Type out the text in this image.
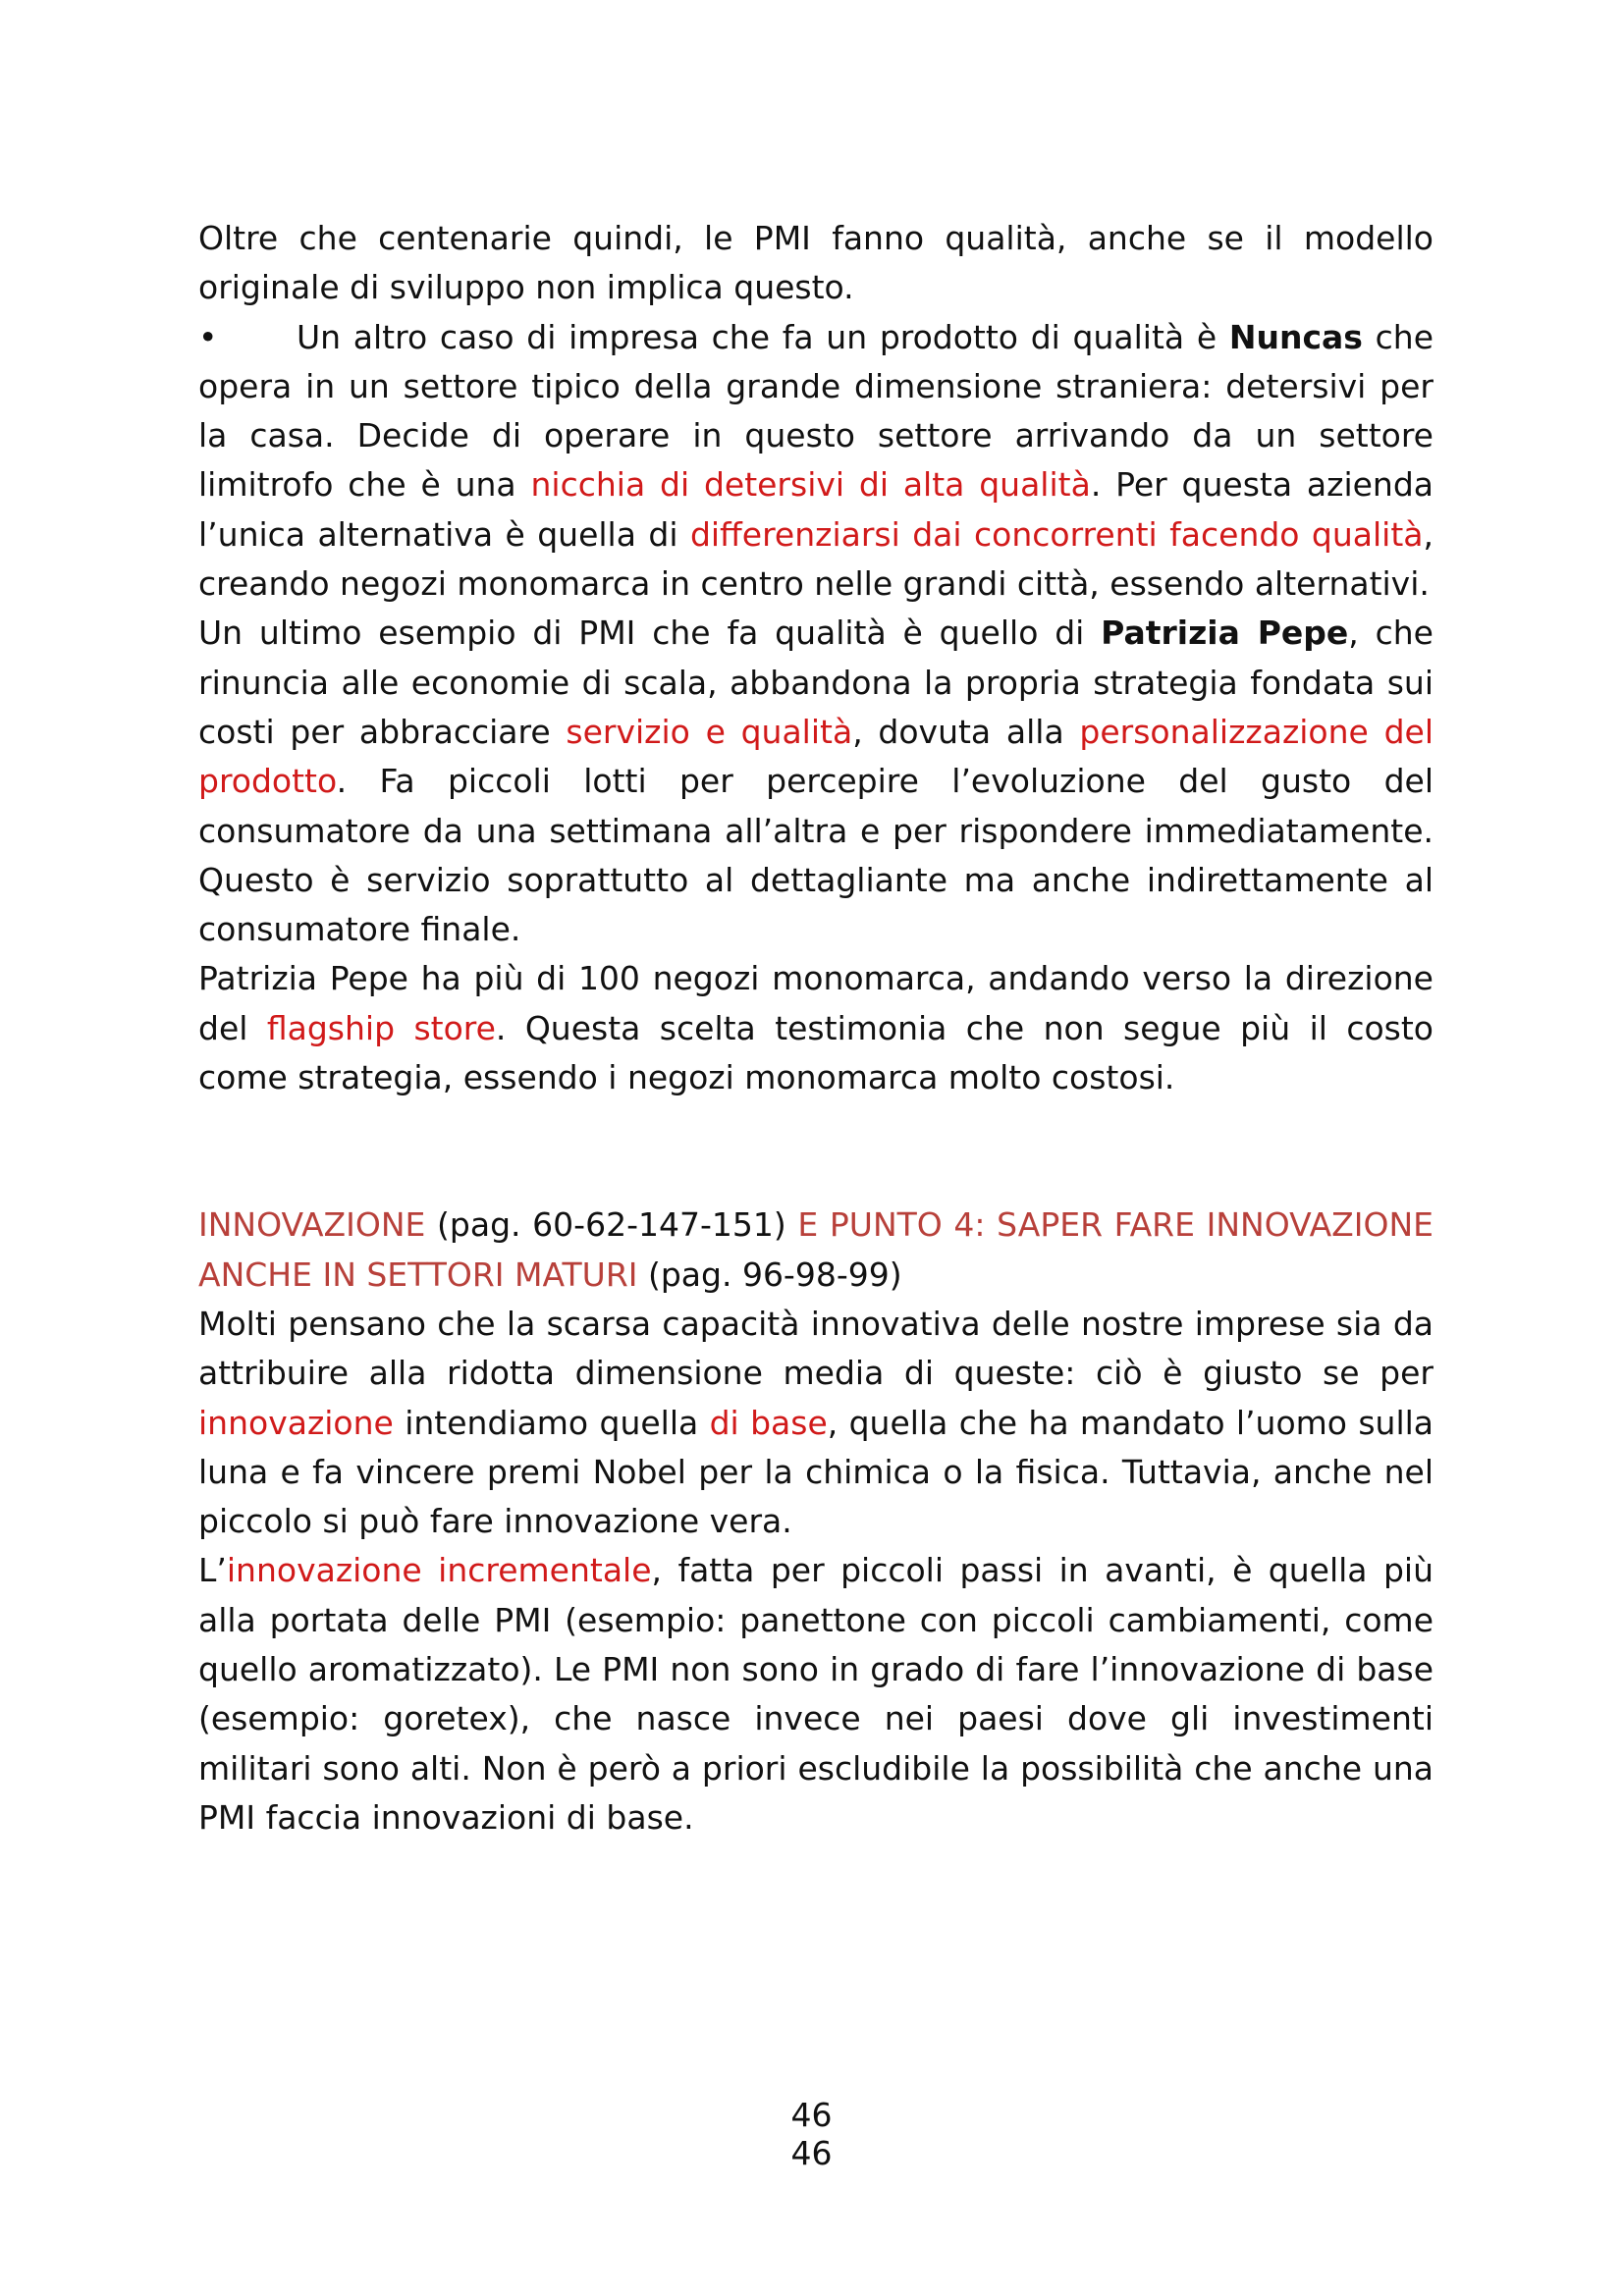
Oltre che centenarie quindi, le PMI fanno qualità, anche se il modello originale di sviluppo non implica questo.

• Un altro caso di impresa che fa un prodotto di qualità è Nuncas che opera in un settore tipico della grande dimensione straniera: detersivi per la casa. Decide di operare in questo settore arrivando da un settore limitrofo che è una nicchia di detersivi di alta qualità. Per questa azienda l’unica alternativa è quella di differenziarsi dai concorrenti facendo qualità, creando negozi monomarca in centro nelle grandi città, essendo alternativi.

Un ultimo esempio di PMI che fa qualità è quello di Patrizia Pepe, che rinuncia alle economie di scala, abbandona la propria strategia fondata sui costi per abbracciare servizio e qualità, dovuta alla personalizzazione del prodotto. Fa piccoli lotti per percepire l’evoluzione del gusto del consumatore da una settimana all’altra e per rispondere immediatamente. Questo è servizio soprattutto al dettagliante ma anche indirettamente al consumatore finale.

Patrizia Pepe ha più di 100 negozi monomarca, andando verso la direzione del flagship store. Questa scelta testimonia che non segue più il costo come strategia, essendo i negozi monomarca molto costosi.

INNOVAZIONE (pag. 60-62-147-151) E PUNTO 4: SAPER FARE INNOVAZIONE ANCHE IN SETTORI MATURI (pag. 96-98-99)

Molti pensano che la scarsa capacità innovativa delle nostre imprese sia da attribuire alla ridotta dimensione media di queste: ciò è giusto se per innovazione intendiamo quella di base, quella che ha mandato l’uomo sulla luna e fa vincere premi Nobel per la chimica o la fisica. Tuttavia, anche nel piccolo si può fare innovazione vera.

L’innovazione incrementale, fatta per piccoli passi in avanti, è quella più alla portata delle PMI (esempio: panettone con piccoli cambiamenti, come quello aromatizzato). Le PMI non sono in grado di fare l’innovazione di base (esempio: goretex), che nasce invece nei paesi dove gli investimenti militari sono alti. Non è però a priori escludibile la possibilità che anche una PMI faccia innovazioni di base.

46
46
